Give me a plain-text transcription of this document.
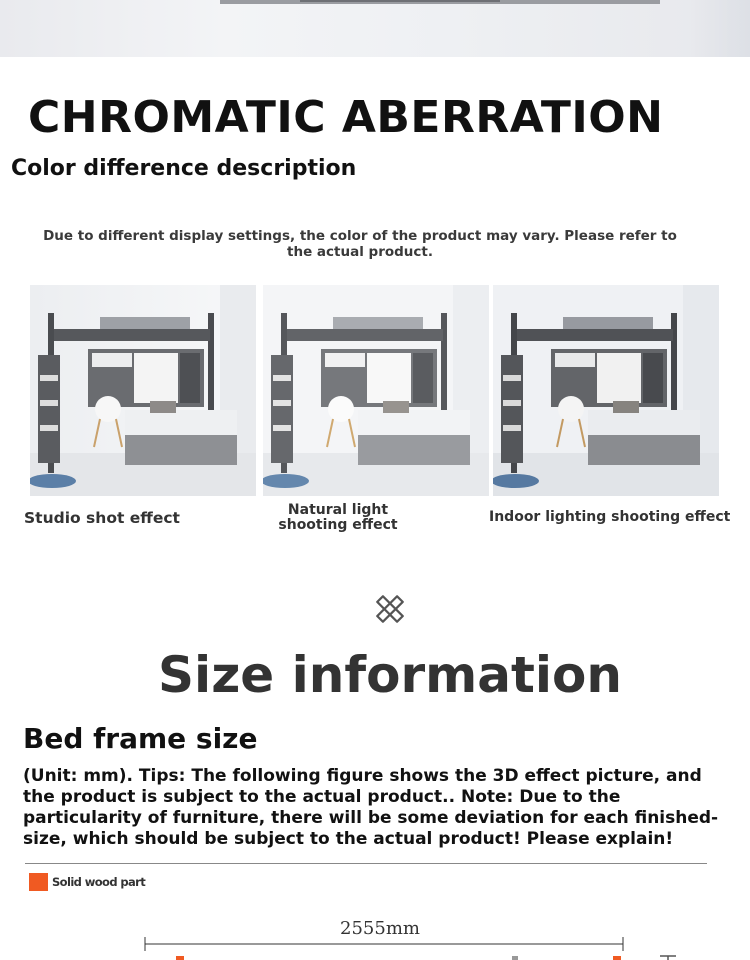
CHROMATIC ABERRATION
Color difference description
Due to different display settings, the color of the product may vary. Please refer to the actual product.
Studio shot effect	Natural light shooting effect	Indoor lighting shooting effect
Size information
Bed frame size
(Unit: mm). Tips: The following figure shows the 3D effect picture, and the product is subject to the actual product.. Note: Due to the particularity of furniture, there will be some deviation for each finished-size, which should be subject to the actual product! Please explain!
Solid wood part
2555mm
